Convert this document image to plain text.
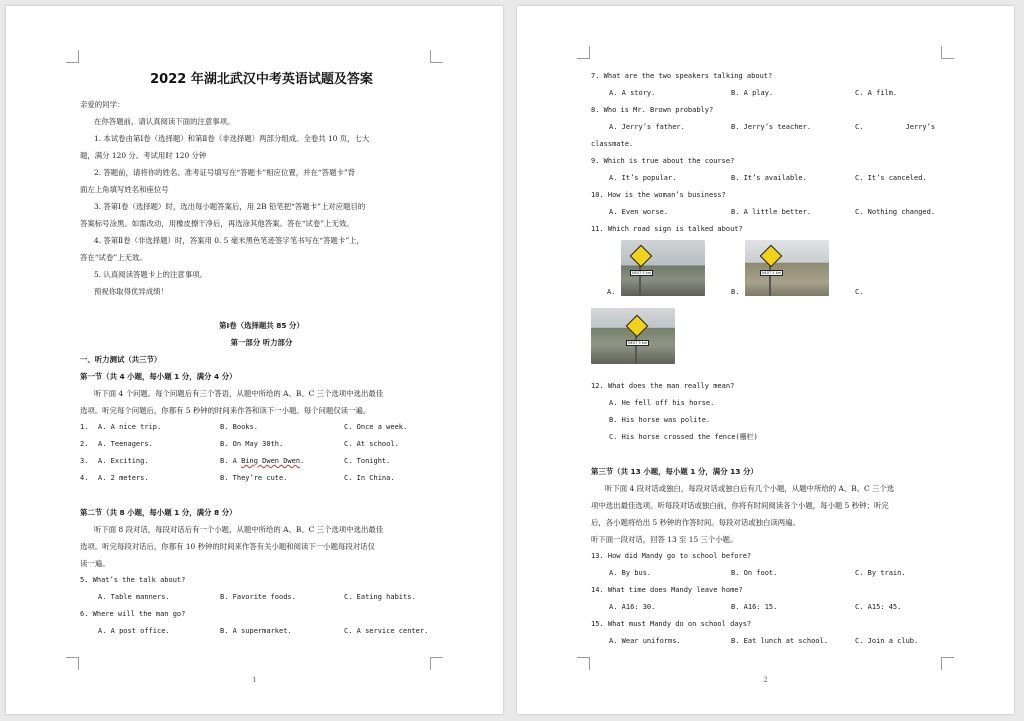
2022 年湖北武汉中考英语试题及答案
亲爱的同学：
在你答题前，请认真阅读下面的注意事项。
1. 本试卷由第Ⅰ卷（选择题）和第Ⅱ卷（非选择题）两部分组成。全卷共 10 页，七大
题，满分 120 分。考试用时 120 分钟
2. 答题前，请将你的姓名、准考证号填写在“答题卡”相应位置，并在“答题卡”背
面左上角填写姓名和座位号
3. 答第Ⅰ卷（选择题）时，选出每小题答案后，用 2B 铅笔把“答题卡”上对应题目的
答案标号涂黑。如需改动，用橡皮擦干净后，再选涂其他答案。答在“试卷”上无效。
4. 答第Ⅱ卷（非选择题）时，答案用 0. 5 毫米黑色笔迹签字笔书写在“答题卡”上，
答在“试卷”上无效。
5. 认真阅读答题卡上的注意事项。
预祝你取得优异成绩！
第Ⅰ卷（选择题共 85 分）
第一部分 听力部分
一、听力测试（共三节）
第一节（共 4 小题，每小题 1 分，满分 4 分）
听下面 4 个问题。每个问题后有三个答语，从题中所给的 A、B、C 三个选项中选出最佳
选项。听完每个问题后，你都有 5 秒钟的时间来作答和读下一小题。每个问题仅读一遍。
1.	A. A nice trip.	B. Books.	C. Once a week.
2.	A. Teenagers.	B. On May 30th.	C. At school.
3.	A. Exciting.	B. A Bing Dwen Dwen.	C. Tonight.
4.	A. 2 meters.	B. They’re cute.	C. In China.
第二节（共 8 小题，每小题 1 分，满分 8 分）
听下面 8 段对话，每段对话后有一个小题，从题中所给的 A、B、C 三个选项中选出最佳
选项。听完每段对话后，你都有 10 秒钟的时间来作答有关小题和阅读下一小题每段对话仅
读一遍。
5. What’s the talk about?
A. Table manners.	B. Favorite foods.	C. Eating habits.
6. Where will the man go?
A. A post office.	B. A supermarket.	C. A service center.
1
7. What are the two speakers talking about?
A. A story.	B. A play.	C. A film.
8. Who is Mr. Brown probably?
A. Jerry’s father.	B. Jerry’s teacher.	C.          Jerry’s
classmate.
9. Which is true about the course?
A. It’s popular.	B. It’s available.	C. It’s canceled.
10. How is the woman’s business?
A. Even worse.	B. A little better.	C. Nothing changed.
11. Which road sign is talked about?
NEXT 5 km
A.
NEXT 4 km
B.	C.
NEXT 3 km
12. What does the man really mean?
A. He fell off his horse.
B. His horse was polite.
C. His horse crossed the fence(栅栏)
第三节（共 13 小题，每小题 1 分，满分 13 分）
听下面 4 段对话或独白，每段对话或独白后有几个小题，从题中所给的 A、B、C 三个选
项中选出最佳选项。听每段对话或独白前，你将有时间阅读各个小题，每小题 5 秒钟；听完
后，各小题将给出 5 秒钟的作答时间。每段对话或独白读两遍。
听下面一段对话，回答 13 至 15 三个小题。
13. How did Mandy go to school before?
A. By bus.	B. On foot.	C. By train.
14. What time does Mandy leave home?
A. A16: 30.	B. A16: 15.	C. A15: 45.
15. What must Mandy do on school days?
A. Wear uniforms.	B. Eat lunch at school.	C. Join a club.
2
